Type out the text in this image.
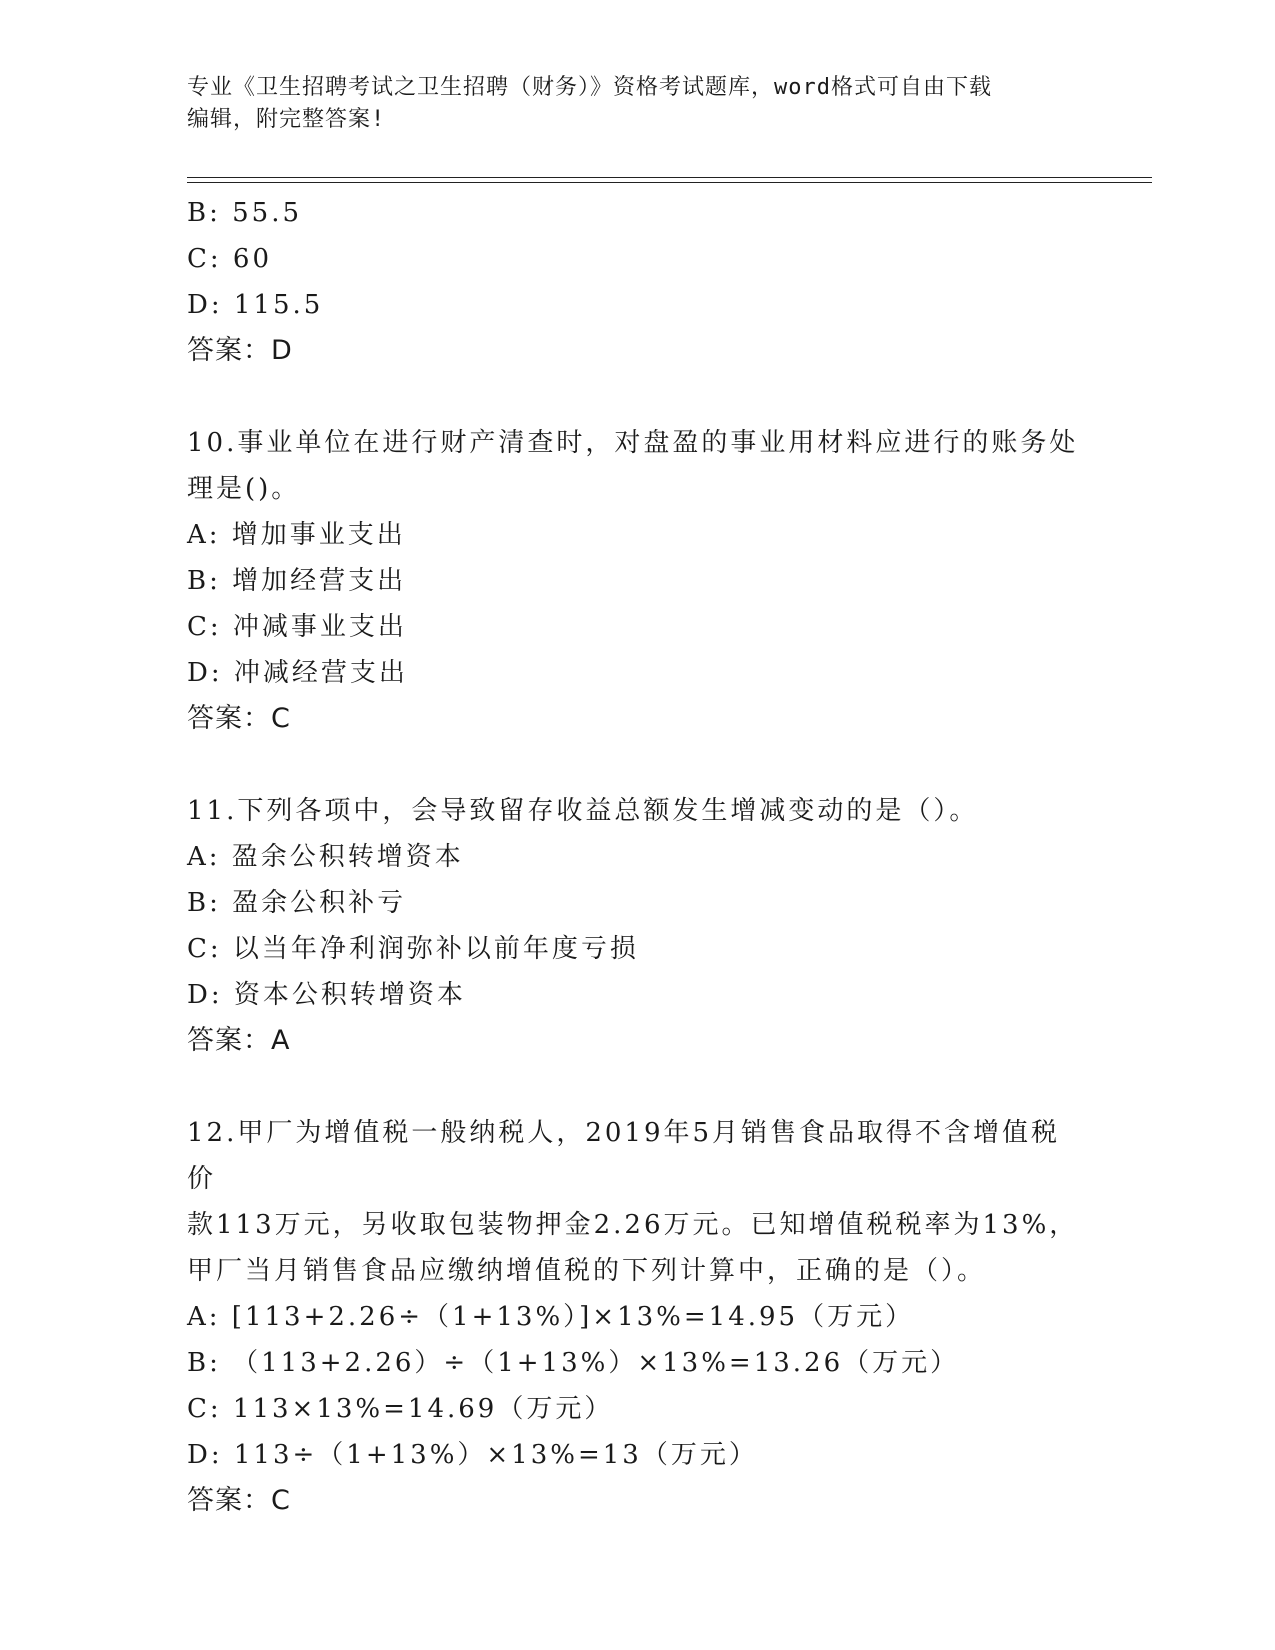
专业《卫生招聘考试之卫生招聘（财务）》资格考试题库，word格式可自由下载
编辑，附完整答案!
B: 55.5
C: 60
D: 115.5
答案：D
10.事业单位在进行财产清查时，对盘盈的事业用材料应进行的账务处
理是()。
A: 增加事业支出
B: 增加经营支出
C: 冲减事业支出
D: 冲减经营支出
答案：C
11.下列各项中，会导致留存收益总额发生增减变动的是（）。
A: 盈余公积转增资本
B: 盈余公积补亏
C: 以当年净利润弥补以前年度亏损
D: 资本公积转增资本
答案：A
12.甲厂为增值税一般纳税人，2019年5月销售食品取得不含增值税价
款113万元，另收取包装物押金2.26万元。已知增值税税率为13%，
甲厂当月销售食品应缴纳增值税的下列计算中，正确的是（）。
A: [113+2.26÷（1+13%）]×13%=14.95（万元）
B: （113+2.26）÷（1+13%）×13%=13.26（万元）
C: 113×13%=14.69（万元）
D: 113÷（1+13%）×13%=13（万元）
答案：C
